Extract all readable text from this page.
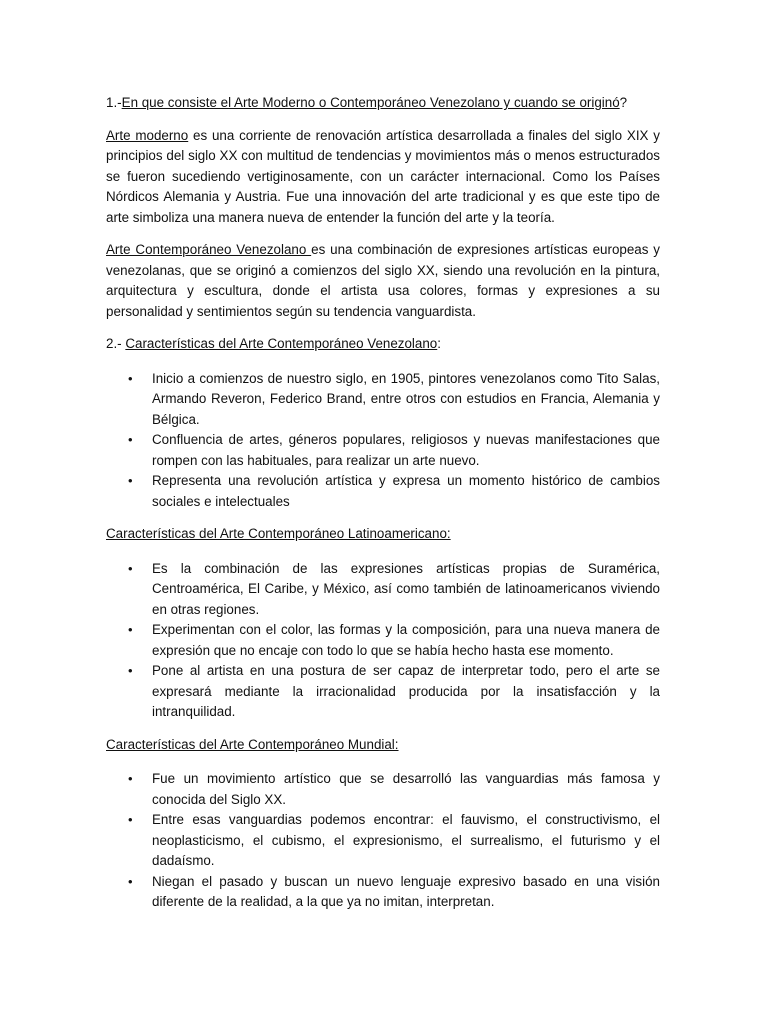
1.-En que consiste el Arte Moderno o Contemporáneo Venezolano y cuando se originó?

Arte moderno es una corriente de renovación artística desarrollada a finales del siglo XIX y principios del siglo XX con multitud de tendencias y movimientos más o menos estructurados se fueron sucediendo vertiginosamente, con un carácter internacional. Como los Países Nórdicos Alemania y Austria. Fue una innovación del arte tradicional y es que este tipo de arte simboliza una manera nueva de entender la función del arte y la teoría.

Arte Contemporáneo Venezolano es una combinación de expresiones artísticas europeas y venezolanas, que se originó a comienzos del siglo XX, siendo una revolución en la pintura, arquitectura y escultura, donde el artista usa colores, formas y expresiones a su personalidad y sentimientos según su tendencia vanguardista.

2.- Características del Arte Contemporáneo Venezolano:

• Inicio a comienzos de nuestro siglo, en 1905, pintores venezolanos como Tito Salas, Armando Reveron, Federico Brand, entre otros con estudios en Francia, Alemania y Bélgica.
• Confluencia de artes, géneros populares, religiosos y nuevas manifestaciones que rompen con las habituales, para realizar un arte nuevo.
• Representa una revolución artística y expresa un momento histórico de cambios sociales e intelectuales

Características del Arte Contemporáneo Latinoamericano:

• Es la combinación de las expresiones artísticas propias de Suramérica, Centroamérica, El Caribe, y México, así como también de latinoamericanos viviendo en otras regiones.
• Experimentan con el color, las formas y la composición, para una nueva manera de expresión que no encaje con todo lo que se había hecho hasta ese momento.
• Pone al artista en una postura de ser capaz de interpretar todo, pero el arte se expresará mediante la irracionalidad producida por la insatisfacción y la intranquilidad.

Características del Arte Contemporáneo Mundial:

• Fue un movimiento artístico que se desarrolló las vanguardias más famosa y conocida del Siglo XX.
• Entre esas vanguardias podemos encontrar: el fauvismo, el constructivismo, el neoplasticismo, el cubismo, el expresionismo, el surrealismo, el futurismo y el dadaísmo.
• Niegan el pasado y buscan un nuevo lenguaje expresivo basado en una visión diferente de la realidad, a la que ya no imitan, interpretan.
